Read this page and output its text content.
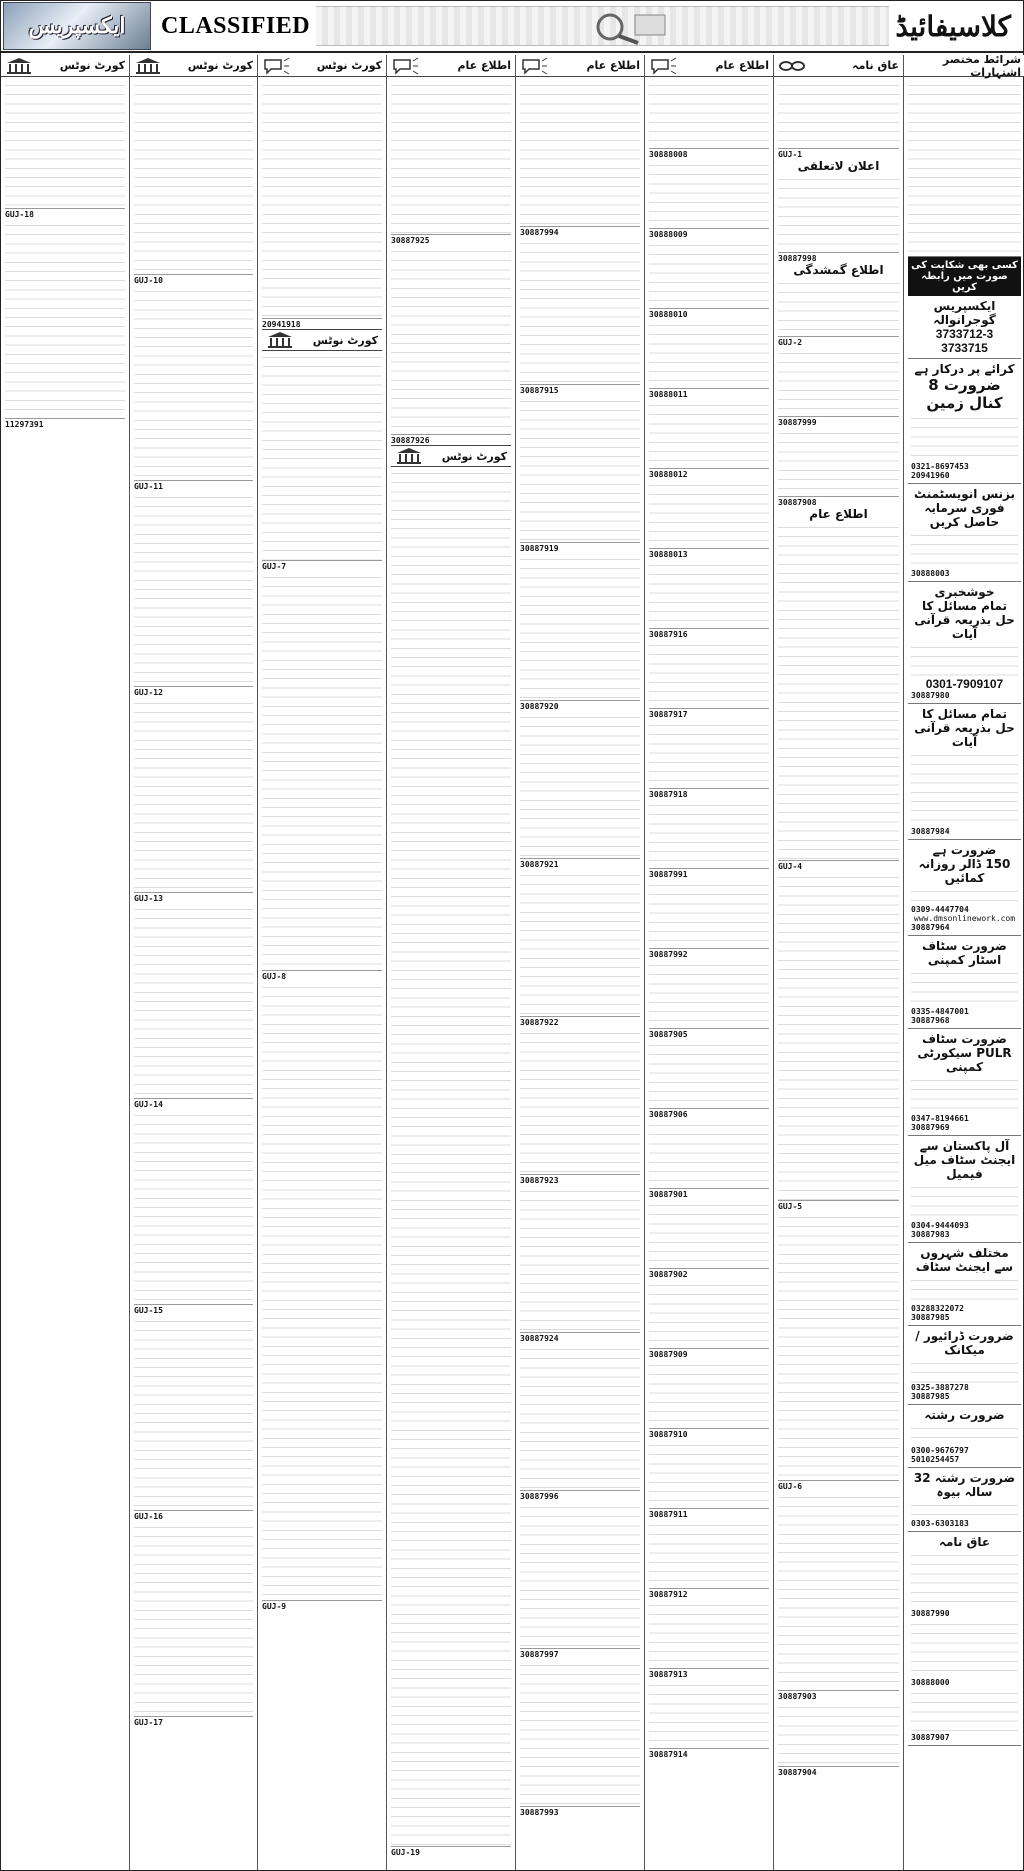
ایکسپریس CLASSIFIED	کلاسیفائیڈ
شرائط مختصر اشتہارات
کسی بھی شکایت کی صورت میں رابطہ کریں
ایکسپریس گوجرانوالہ
3733712-3
3733715
کرائے پر درکار ہے
ضرورت 8 کنال زمین
0321-8697453
20941960
بزنس انویسٹمنٹ
فوری سرمایہ حاصل کریں
30888003
خوشخبری
تمام مسائل کا حل بذریعہ قرآنی آیات
0301-7909107
30887980
تمام مسائل کا حل بذریعہ قرآنی آیات
30887984
ضرورت ہے
150 ڈالر روزانہ کمائیں
0309-4447704
www.dmsonlinework.com
30887964
ضرورت سٹاف اسٹار کمپنی
0335-4847001
30887968
ضرورت سٹاف PULR سیکورٹی کمپنی
0347-8194661
30887969
آل پاکستان سے ایجنٹ سٹاف میل فیمیل
0304-9444093
30887983
مختلف شہروں سے ایجنٹ سٹاف
03288322072
30887985
ضرورت ڈرائیور / میکانک
0325-3887278
30887985
ضرورت رشتہ
0300-9676797
5010254457
ضرورت رشتہ 32 سالہ بیوہ
0303-6303183
عاق نامہ
30887990
30888000
30887907
عاق نامہ
GUJ-1
اعلان لاتعلقی
30887998
اطلاع گمشدگی
GUJ-2
30887999
30887908
اطلاع عام
GUJ-4
GUJ-5
GUJ-6
30887903
30887904
اطلاع عام
30888008
30888009
30888010
30888011
30888012
30888013
30887916
30887917
30887918
30887991
30887992
30887905
30887906
30887901
30887902
30887909
30887910
30887911
30887912
30887913
30887914
اطلاع عام
30887994
30887915
30887919
30887920
30887921
30887922
30887923
30887924
30887996
30887997
30887993
اطلاع عام
30887925
30887926
کورٹ نوٹس
GUJ-19
کورٹ نوٹس
20941918
کورٹ نوٹس
GUJ-7
GUJ-8
GUJ-9
کورٹ نوٹس
GUJ-10
GUJ-11
GUJ-12
GUJ-13
GUJ-14
GUJ-15
GUJ-16
GUJ-17
کورٹ نوٹس
GUJ-18
11297391
